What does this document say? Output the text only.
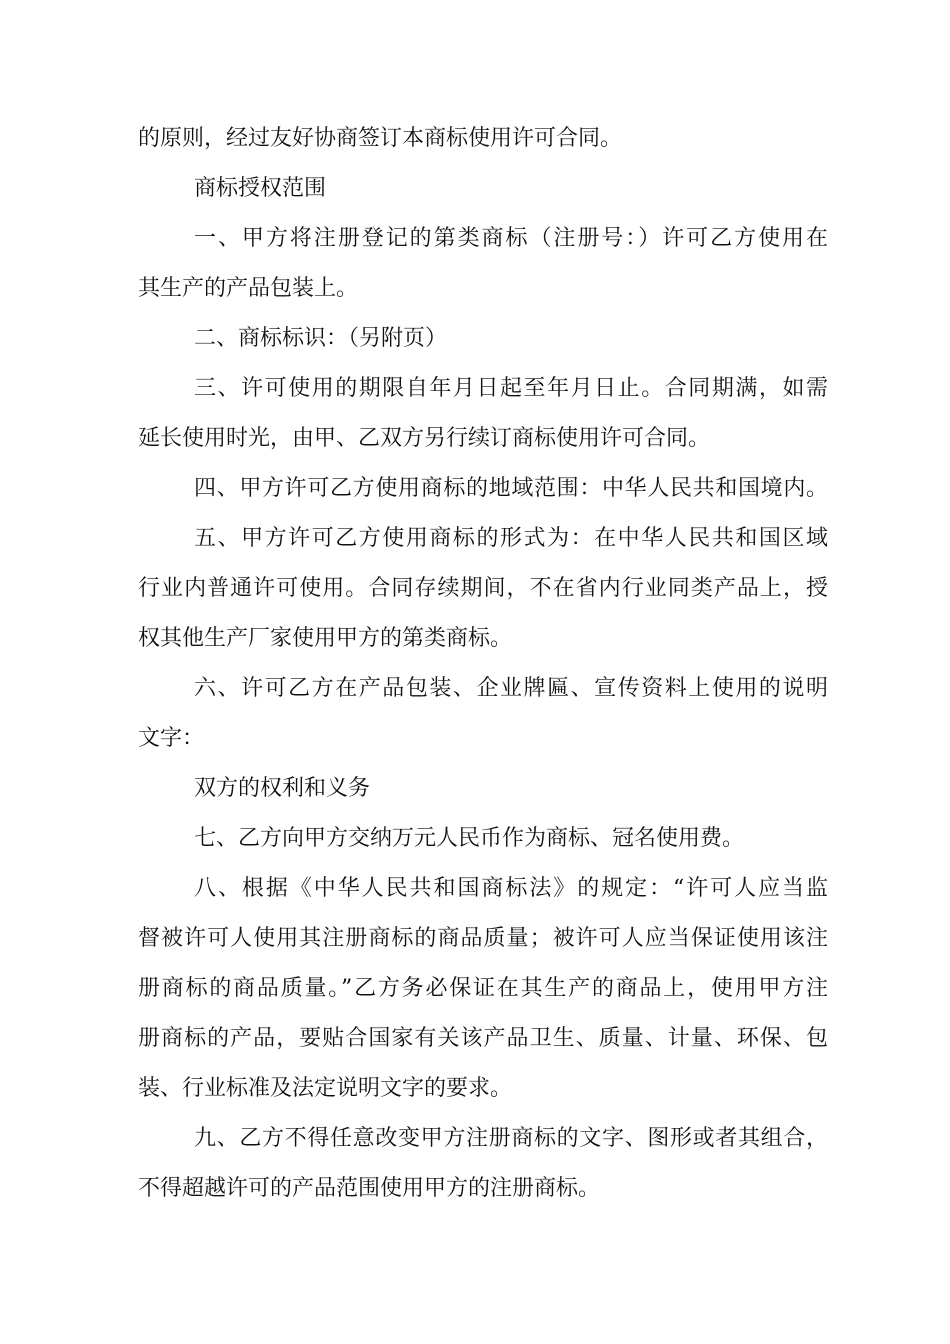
的原则，经过友好协商签订本商标使用许可合同。
商标授权范围
一、甲方将注册登记的第类商标（注册号：）许可乙方使用在
其生产的产品包装上。
二、商标标识：（另附页）
三、许可使用的期限自年月日起至年月日止。合同期满，如需
延长使用时光，由甲、乙双方另行续订商标使用许可合同。
四、甲方许可乙方使用商标的地域范围：中华人民共和国境内。
五、甲方许可乙方使用商标的形式为：在中华人民共和国区域
行业内普通许可使用。合同存续期间，不在省内行业同类产品上，授
权其他生产厂家使用甲方的第类商标。
六、许可乙方在产品包装、企业牌匾、宣传资料上使用的说明
文字：
双方的权利和义务
七、乙方向甲方交纳万元人民币作为商标、冠名使用费。
八、根据《中华人民共和国商标法》的规定：“许可人应当监
督被许可人使用其注册商标的商品质量；被许可人应当保证使用该注
册商标的商品质量。”乙方务必保证在其生产的商品上，使用甲方注
册商标的产品，要贴合国家有关该产品卫生、质量、计量、环保、包
装、行业标准及法定说明文字的要求。
九、乙方不得任意改变甲方注册商标的文字、图形或者其组合，
不得超越许可的产品范围使用甲方的注册商标。
